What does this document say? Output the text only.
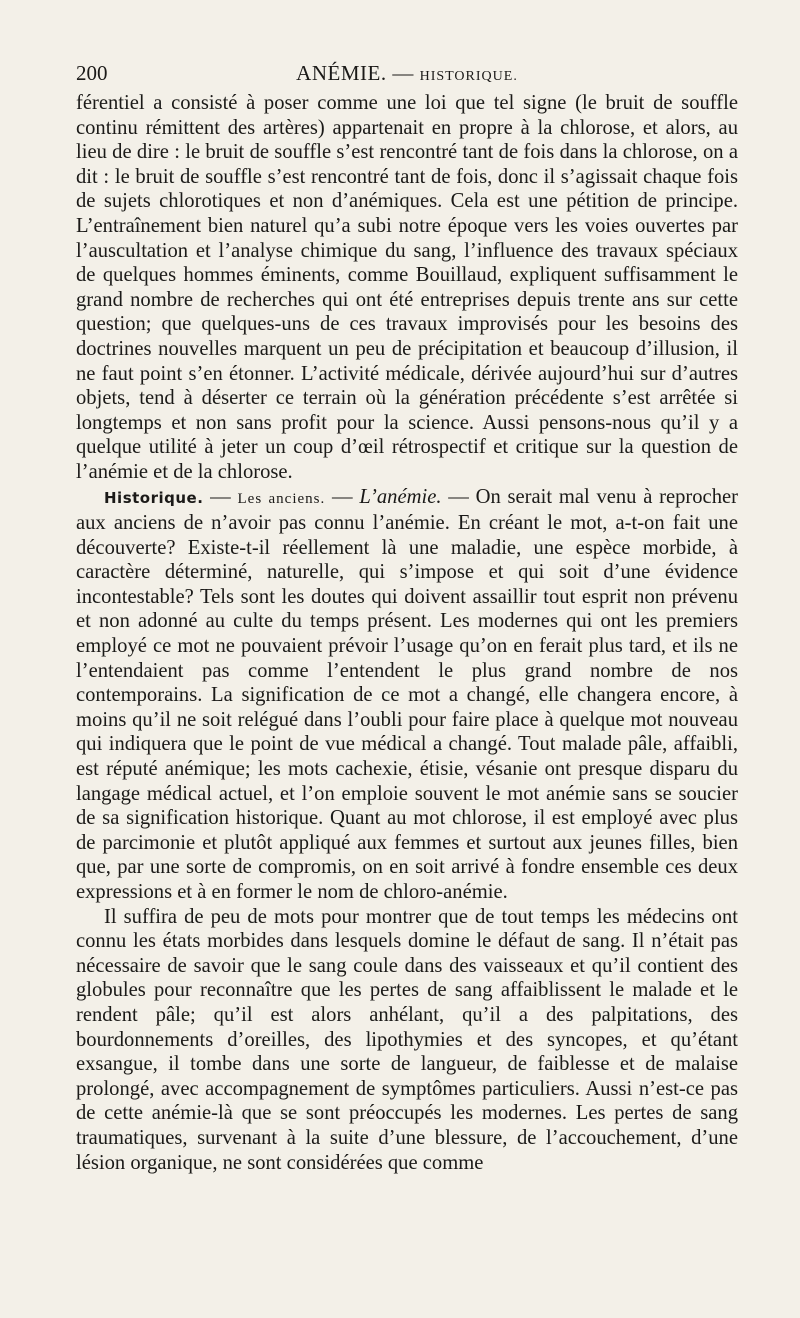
200	ANÉMIE. — HISTORIQUE.

férentiel a consisté à poser comme une loi que tel signe (le bruit de souffle continu rémittent des artères) appartenait en propre à la chlorose, et alors, au lieu de dire : le bruit de souffle s’est rencontré tant de fois dans la chlorose, on a dit : le bruit de souffle s’est rencontré tant de fois, donc il s’agissait chaque fois de sujets chlorotiques et non d’anémiques. Cela est une pétition de principe. L’entraînement bien naturel qu’a subi notre époque vers les voies ouvertes par l’auscultation et l’analyse chimique du sang, l’influence des travaux spéciaux de quelques hommes éminents, comme Bouillaud, expliquent suffisamment le grand nombre de recherches qui ont été entreprises depuis trente ans sur cette question; que quelques-uns de ces travaux improvisés pour les besoins des doctrines nouvelles marquent un peu de précipitation et beaucoup d’illusion, il ne faut point s’en étonner. L’activité médicale, dérivée aujourd’hui sur d’autres objets, tend à déserter ce terrain où la génération précédente s’est arrêtée si longtemps et non sans profit pour la science. Aussi pensons-nous qu’il y a quelque utilité à jeter un coup d’œil rétrospectif et critique sur la question de l’anémie et de la chlorose.

Historique. — Les anciens. — L’anémie. — On serait mal venu à reprocher aux anciens de n’avoir pas connu l’anémie. En créant le mot, a-t-on fait une découverte? Existe-t-il réellement là une maladie, une espèce morbide, à caractère déterminé, naturelle, qui s’impose et qui soit d’une évidence incontestable? Tels sont les doutes qui doivent assaillir tout esprit non prévenu et non adonné au culte du temps présent. Les modernes qui ont les premiers employé ce mot ne pouvaient prévoir l’usage qu’on en ferait plus tard, et ils ne l’entendaient pas comme l’entendent le plus grand nombre de nos contemporains. La signification de ce mot a changé, elle changera encore, à moins qu’il ne soit relégué dans l’oubli pour faire place à quelque mot nouveau qui indiquera que le point de vue médical a changé. Tout malade pâle, affaibli, est réputé anémique; les mots cachexie, étisie, vésanie ont presque disparu du langage médical actuel, et l’on emploie souvent le mot anémie sans se soucier de sa signification historique. Quant au mot chlorose, il est employé avec plus de parcimonie et plutôt appliqué aux femmes et surtout aux jeunes filles, bien que, par une sorte de compromis, on en soit arrivé à fondre ensemble ces deux expressions et à en former le nom de chloro-anémie.

Il suffira de peu de mots pour montrer que de tout temps les médecins ont connu les états morbides dans lesquels domine le défaut de sang. Il n’était pas nécessaire de savoir que le sang coule dans des vaisseaux et qu’il contient des globules pour reconnaître que les pertes de sang affaiblissent le malade et le rendent pâle; qu’il est alors anhélant, qu’il a des palpitations, des bourdonnements d’oreilles, des lipothymies et des syncopes, et qu’étant exsangue, il tombe dans une sorte de langueur, de faiblesse et de malaise prolongé, avec accompagnement de symptômes particuliers. Aussi n’est-ce pas de cette anémie-là que se sont préoccupés les modernes. Les pertes de sang traumatiques, survenant à la suite d’une blessure, de l’accouchement, d’une lésion organique, ne sont considérées que comme
